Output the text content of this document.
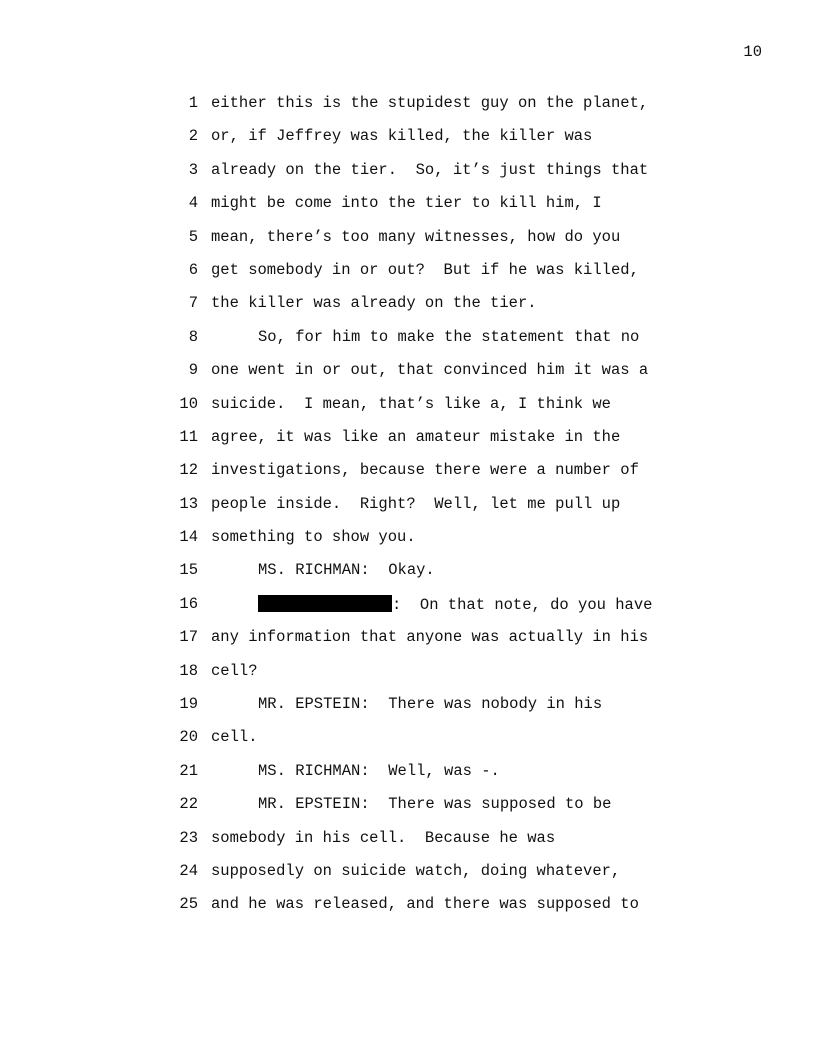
10
1 either this is the stupidest guy on the planet,
2 or, if Jeffrey was killed, the killer was
3 already on the tier.  So, it’s just things that
4 might be come into the tier to kill him, I
5 mean, there’s too many witnesses, how do you
6 get somebody in or out?  But if he was killed,
7 the killer was already on the tier.
8	So, for him to make the statement that no
9 one went in or out, that convinced him it was a
10 suicide.  I mean, that’s like a, I think we
11 agree, it was like an amateur mistake in the
12 investigations, because there were a number of
13 people inside.  Right?  Well, let me pull up
14 something to show you.
15	MS. RICHMAN:  Okay.
16	:  On that note, do you have
17 any information that anyone was actually in his
18 cell?
19	MR. EPSTEIN:  There was nobody in his
20 cell.
21	MS. RICHMAN:  Well, was -.
22	MR. EPSTEIN:  There was supposed to be
23 somebody in his cell.  Because he was
24 supposedly on suicide watch, doing whatever,
25 and he was released, and there was supposed to
